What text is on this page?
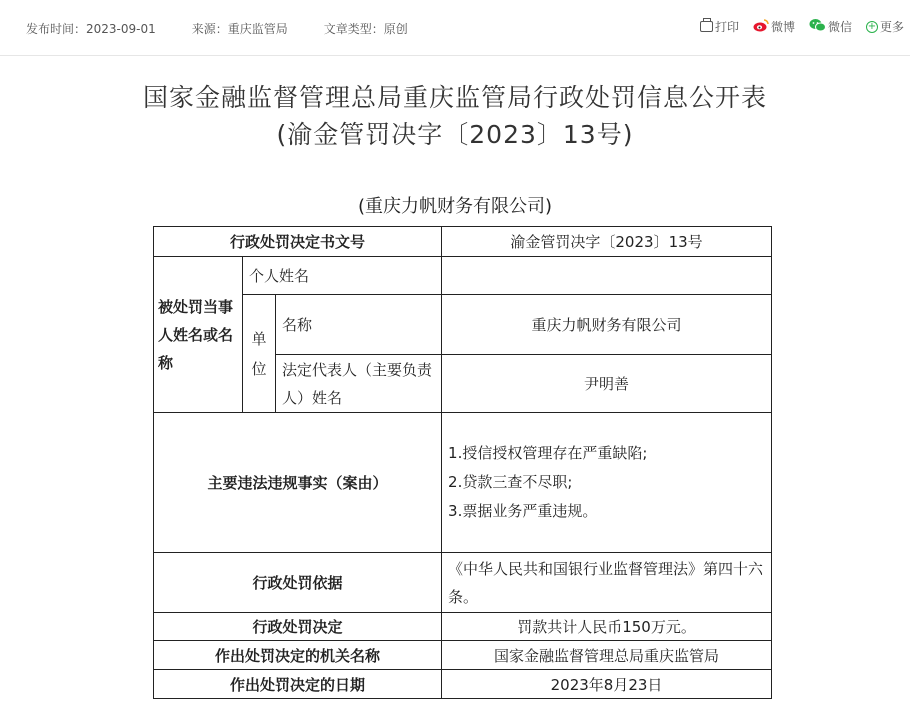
发布时间：2023-09-01	来源：重庆监管局	文章类型：原创	打印	微博	微信 + 更多
国家金融监督管理总局重庆监管局行政处罚信息公开表
(渝金管罚决字〔2023〕13号)
(重庆力帆财务有限公司)
行政处罚决定书文号			渝金管罚决字〔2023〕13号
被处罚当事人姓名或名称	个人姓名		
	单位	名称	重庆力帆财务有限公司
		法定代表人（主要负责人）姓名	尹明善
主要违法违规事实（案由）			1.授信授权管理存在严重缺陷;
2.贷款三查不尽职;
3.票据业务严重违规。

行政处罚依据			《中华人民共和国银行业监督管理法》第四十六条。
行政处罚决定			罚款共计人民币150万元。
作出处罚决定的机关名称			国家金融监督管理总局重庆监管局
作出处罚决定的日期			2023年8月23日
